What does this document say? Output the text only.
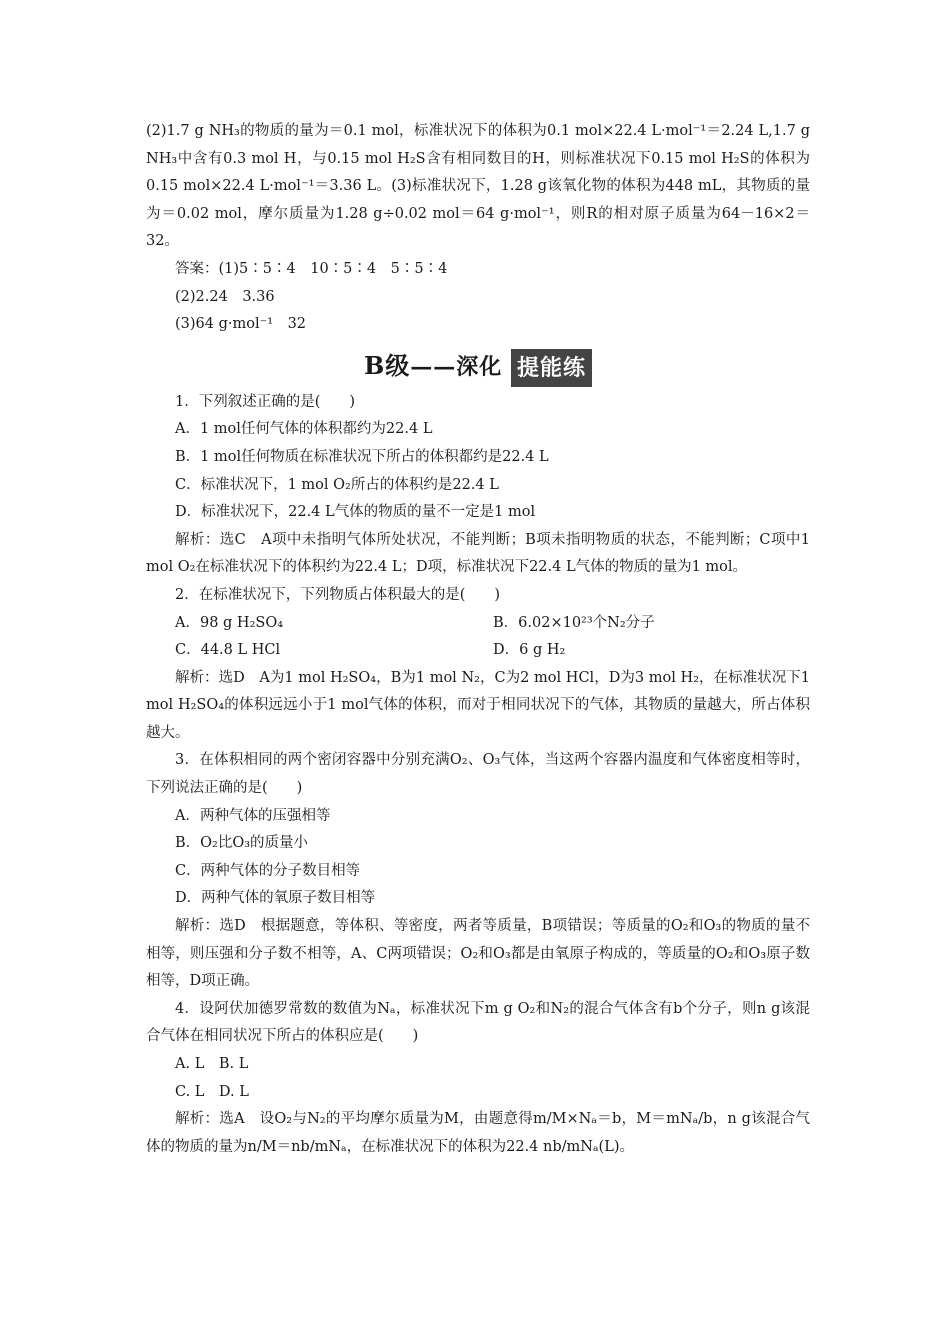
(2)1.7 g NH₃的物质的量为＝0.1 mol，标准状况下的体积为0.1 mol×22.4 L·mol⁻¹＝2.24 L,1.7 g NH₃中含有0.3 mol H，与0.15 mol H₂S含有相同数目的H，则标准状况下0.15 mol H₂S的体积为0.15 mol×22.4 L·mol⁻¹＝3.36 L。(3)标准状况下，1.28 g该氧化物的体积为448 mL，其物质的量为＝0.02 mol，摩尔质量为1.28 g÷0.02 mol＝64 g·mol⁻¹，则R的相对原子质量为64－16×2＝32。

答案：(1)5∶5∶4　10∶5∶4　5∶5∶4

(2)2.24　3.36

(3)64 g·mol⁻¹　32

B级——深化 提能练

1．下列叙述正确的是(　　)

A．1 mol任何气体的体积都约为22.4 L

B．1 mol任何物质在标准状况下所占的体积都约是22.4 L

C．标准状况下，1 mol O₂所占的体积约是22.4 L

D．标准状况下，22.4 L气体的物质的量不一定是1 mol

解析：选C　A项中未指明气体所处状况，不能判断；B项未指明物质的状态，不能判断；C项中1 mol O₂在标准状况下的体积约为22.4 L；D项，标准状况下22.4 L气体的物质的量为1 mol。

2．在标准状况下，下列物质占体积最大的是(　　)

A．98 g H₂SO₄	B．6.02×10²³个N₂分子
C．44.8 L HCl	D．6 g H₂

解析：选D　A为1 mol H₂SO₄，B为1 mol N₂，C为2 mol HCl，D为3 mol H₂，在标准状况下1 mol H₂SO₄的体积远远小于1 mol气体的体积，而对于相同状况下的气体，其物质的量越大，所占体积越大。

3．在体积相同的两个密闭容器中分别充满O₂、O₃气体，当这两个容器内温度和气体密度相等时，下列说法正确的是(　　)

A．两种气体的压强相等

B．O₂比O₃的质量小

C．两种气体的分子数目相等

D．两种气体的氧原子数目相等

解析：选D　根据题意，等体积、等密度，两者等质量，B项错误；等质量的O₂和O₃的物质的量不相等，则压强和分子数不相等，A、C两项错误；O₂和O₃都是由氧原子构成的，等质量的O₂和O₃原子数相等，D项正确。

4．设阿伏加德罗常数的数值为Nₐ，标准状况下m g O₂和N₂的混合气体含有b个分子，则n g该混合气体在相同状况下所占的体积应是(　　)

A. L　B. L

C. L　D. L

解析：选A　设O₂与N₂的平均摩尔质量为M，由题意得m/M×Nₐ＝b，M＝mNₐ/b，n g该混合气体的物质的量为n/M＝nb/mNₐ，在标准状况下的体积为22.4 nb/mNₐ(L)。
